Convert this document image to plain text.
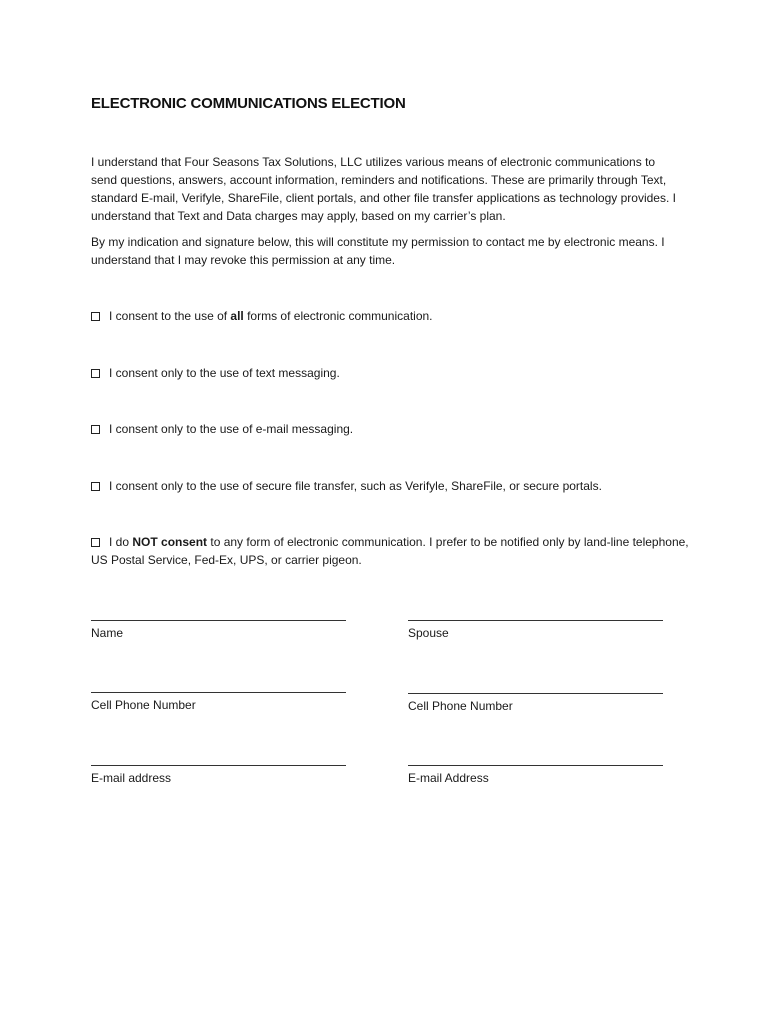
ELECTRONIC COMMUNICATIONS ELECTION
I understand that Four Seasons Tax Solutions, LLC utilizes various means of electronic communications to send questions, answers, account information, reminders and notifications. These are primarily through Text, standard E-mail, Verifyle, ShareFile, client portals, and other file transfer applications as technology provides. I understand that Text and Data charges may apply, based on my carrier’s plan.
By my indication and signature below, this will constitute my permission to contact me by electronic means. I understand that I may revoke this permission at any time.
I consent to the use of all forms of electronic communication.
I consent only to the use of text messaging.
I consent only to the use of e-mail messaging.
I consent only to the use of secure file transfer, such as Verifyle, ShareFile, or secure portals.
I do NOT consent to any form of electronic communication. I prefer to be notified only by land-line telephone, US Postal Service, Fed-Ex, UPS, or carrier pigeon.
Name	Spouse
Cell Phone Number	Cell Phone Number
E-mail address	E-mail Address
